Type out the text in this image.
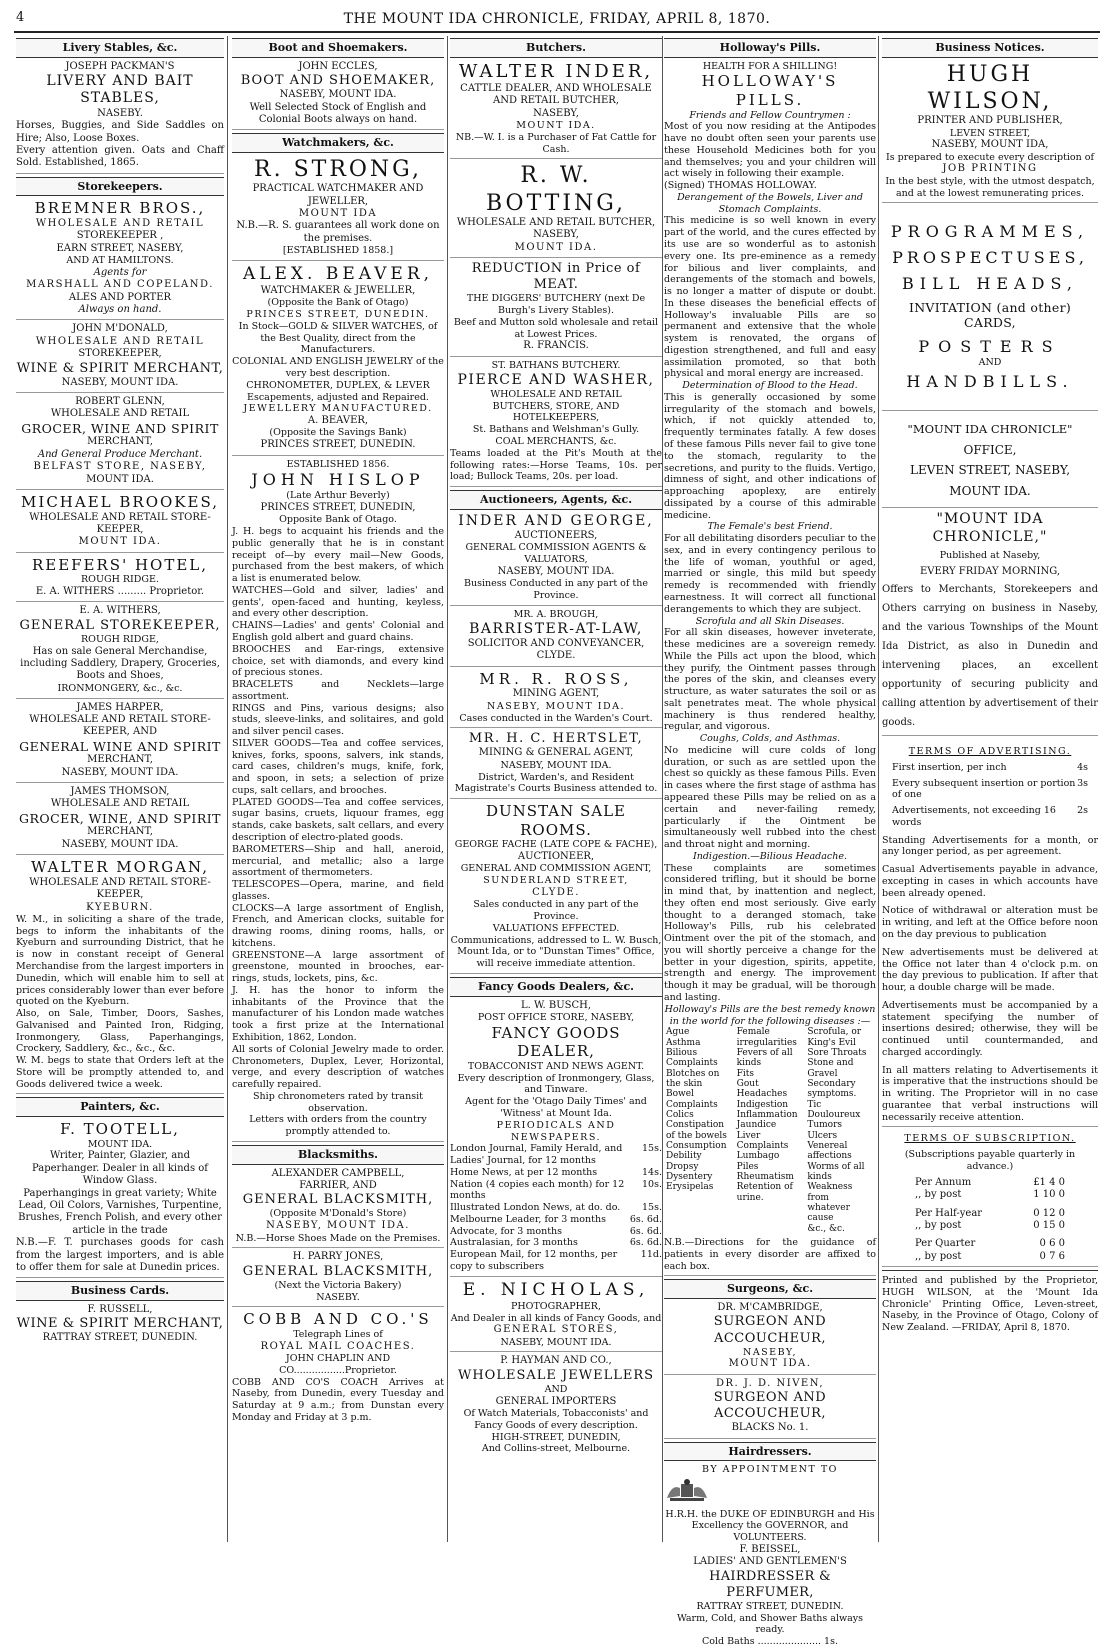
4	THE MOUNT IDA CHRONICLE, FRIDAY, APRIL 8, 1870.
Livery Stables, &c.

JOSEPH PACKMAN'S

LIVERY AND BAIT STABLES,

NASEBY.

Horses, Buggies, and Side Saddles on Hire; Also, Loose Boxes.

Every attention given. Oats and Chaff Sold. Established, 1865.

Storekeepers.

BREMNER BROS.,

WHOLESALE AND RETAIL

STOREKEEPER ,

EARN STREET, NASEBY,

AND AT HAMILTONS.

Agents for

MARSHALL AND COPELAND.

ALES AND PORTER

Always on hand.

JOHN M'DONALD,

WHOLESALE AND RETAIL

STOREKEEPER,

WINE & SPIRIT MERCHANT,

NASEBY, MOUNT IDA.

ROBERT GLENN,

WHOLESALE AND RETAIL

GROCER, WINE AND SPIRIT

MERCHANT,

And General Produce Merchant.

BELFAST STORE, NASEBY,

MOUNT IDA.

MICHAEL BROOKES,

WHOLESALE AND RETAIL STORE-

KEEPER,

MOUNT IDA.

REEFERS' HOTEL,

ROUGH RIDGE.

E. A. WITHERS ......... Proprietor.

E. A. WITHERS,

GENERAL STOREKEEPER,

ROUGH RIDGE,

Has on sale General Merchandise, including Saddlery, Drapery, Groceries, Boots and Shoes,

IRONMONGERY, &c., &c.

JAMES HARPER,

WHOLESALE AND RETAIL STORE-

KEEPER, AND

GENERAL WINE AND SPIRIT

MERCHANT,

NASEBY, MOUNT IDA.

JAMES THOMSON,

WHOLESALE AND RETAIL

GROCER, WINE, AND SPIRIT

MERCHANT,

NASEBY, MOUNT IDA.

WALTER MORGAN,

WHOLESALE AND RETAIL STORE-

KEEPER,

KYEBURN.

W. M., in soliciting a share of the trade, begs to inform the inhabitants of the Kyeburn and surrounding District, that he is now in constant receipt of General Merchandise from the largest importers in Dunedin, which will enable him to sell at prices considerably lower than ever before quoted on the Kyeburn.

Also, on Sale, Timber, Doors, Sashes, Galvanised and Painted Iron, Ridging, Ironmongery, Glass, Paperhangings, Crockery, Saddlery, &c., &c., &c.

W. M. begs to state that Orders left at the Store will be promptly attended to, and Goods delivered twice a week.

Painters, &c.

F. TOOTELL,

MOUNT IDA.

Writer, Painter, Glazier, and Paperhanger. Dealer in all kinds of Window Glass.

Paperhangings in great variety; White Lead, Oil Colors, Varnishes, Turpentine,

Brushes, French Polish, and every other article in the trade

N.B.—F. T. purchases goods for cash from the largest importers, and is able to offer them for sale at Dunedin prices.

Business Cards.

F. RUSSELL,

WINE & SPIRIT MERCHANT,

RATTRAY STREET, DUNEDIN.

Boot and Shoemakers.

JOHN ECCLES,

BOOT AND SHOEMAKER,

NASEBY, MOUNT IDA.

Well Selected Stock of English and Colonial Boots always on hand.

Watchmakers, &c.

R. STRONG,

PRACTICAL WATCHMAKER AND JEWELLER,

MOUNT IDA

N.B.—R. S. guarantees all work done on the premises.

[ESTABLISHED 1858.]

ALEX. BEAVER,

WATCHMAKER & JEWELLER,

(Opposite the Bank of Otago)

PRINCES STREET, DUNEDIN.

In Stock—GOLD & SILVER WATCHES, of the Best Quality, direct from the Manufacturers.

COLONIAL AND ENGLISH JEWELRY of the very best description.

CHRONOMETER, DUPLEX, & LEVER Escapements, adjusted and Repaired.

JEWELLERY MANUFACTURED.

A. BEAVER,

(Opposite the Savings Bank)

PRINCES STREET, DUNEDIN.

ESTABLISHED 1856.

JOHN HISLOP

(Late Arthur Beverly)

PRINCES STREET, DUNEDIN,

Opposite Bank of Otago.

J. H. begs to acquaint his friends and the public generally that he is in constant receipt of—by every mail—New Goods, purchased from the best makers, of which a list is enumerated below.

WATCHES—Gold and silver, ladies' and gents', open-faced and hunting, keyless, and every other description.

CHAINS—Ladies' and gents' Colonial and English gold albert and guard chains.

BROOCHES and Ear-rings, extensive choice, set with diamonds, and every kind of precious stones.

BRACELETS and Necklets—large assortment.

RINGS and Pins, various designs; also studs, sleeve-links, and solitaires, and gold and silver pencil cases.

SILVER GOODS—Tea and coffee services, knives, forks, spoons, salvers, ink stands, card cases, children's mugs, knife, fork, and spoon, in sets; a selection of prize cups, salt cellars, and brooches.

PLATED GOODS—Tea and coffee services, sugar basins, cruets, liquour frames, egg stands, cake baskets, salt cellars, and every description of electro-plated goods.

BAROMETERS—Ship and hall, aneroid, mercurial, and metallic; also a large assortment of thermometers.

TELESCOPES—Opera, marine, and field glasses.

CLOCKS—A large assortment of English, French, and American clocks, suitable for drawing rooms, dining rooms, halls, or kitchens.

GREENSTONE—A large assortment of greenstone, mounted in brooches, ear-rings, studs, lockets, pins, &c.

J. H. has the honor to inform the inhabitants of the Province that the manufacturer of his London made watches took a first prize at the International Exhibition, 1862, London.

All sorts of Colonial Jewelry made to order. Chronometers, Duplex, Lever, Horizontal, verge, and every description of watches carefully repaired.

Ship chronometers rated by transit observation.

Letters with orders from the country promptly attended to.

Blacksmiths.

ALEXANDER CAMPBELL,

FARRIER, AND

GENERAL BLACKSMITH,

(Opposite M'Donald's Store)

NASEBY, MOUNT IDA.

N.B.—Horse Shoes Made on the Premises.

H. PARRY JONES,

GENERAL BLACKSMITH,

(Next the Victoria Bakery)

NASEBY.

COBB AND CO.'S

Telegraph Lines of

ROYAL MAIL COACHES.

JOHN CHAPLIN AND CO.................Proprietor.

COBB AND CO'S COACH Arrives at Naseby, from Dunedin, every Tuesday and Saturday at 9 a.m.; from Dunstan every Monday and Friday at 3 p.m.

Butchers.

WALTER INDER,

CATTLE DEALER, AND WHOLESALE AND RETAIL BUTCHER,

NASEBY,

MOUNT IDA.

NB.—W. I. is a Purchaser of Fat Cattle for Cash.

R. W. BOTTING,

WHOLESALE AND RETAIL BUTCHER,

NASEBY,

MOUNT IDA.

REDUCTION in Price of MEAT.

THE DIGGERS' BUTCHERY (next De Burgh's Livery Stables).

Beef and Mutton sold wholesale and retail at Lowest Prices.

R. FRANCIS.

ST. BATHANS BUTCHERY.

PIERCE AND WASHER,

WHOLESALE AND RETAIL

BUTCHERS, STORE, AND HOTELKEEPERS,

St. Bathans and Welshman's Gully.

COAL MERCHANTS, &c.

Teams loaded at the Pit's Mouth at the following rates:—Horse Teams, 10s. per load; Bullock Teams, 20s. per load.

Auctioneers, Agents, &c.

INDER AND GEORGE,

AUCTIONEERS,

GENERAL COMMISSION AGENTS & VALUATORS,

NASEBY, MOUNT IDA.

Business Conducted in any part of the Province.

MR. A. BROUGH,

BARRISTER-AT-LAW,

SOLICITOR AND CONVEYANCER,

CLYDE.

MR. R. ROSS,

MINING AGENT,

NASEBY, MOUNT IDA.

Cases conducted in the Warden's Court.

MR. H. C. HERTSLET,

MINING & GENERAL AGENT,

NASEBY, MOUNT IDA.

District, Warden's, and Resident Magistrate's Courts Business attended to.

DUNSTAN SALE ROOMS.

GEORGE FACHE (LATE COPE & FACHE),

AUCTIONEER,

GENERAL AND COMMISSION AGENT,

SUNDERLAND STREET,

CLYDE.

Sales conducted in any part of the Province.

VALUATIONS EFFECTED.

Communications, addressed to L. W. Busch, Mount Ida, or to "Dunstan Times" Office, will receive immediate attention.

Fancy Goods Dealers, &c.

L. W. BUSCH,

POST OFFICE STORE, NASEBY,

FANCY GOODS DEALER,

TOBACCONIST AND NEWS AGENT.

Every description of Ironmongery, Glass, and Tinware.

Agent for the 'Otago Daily Times' and 'Witness' at Mount Ida.

PERIODICALS AND NEWSPAPERS.

London Journal, Family Herald, and Ladies' Journal, for 12 months
15s.
Home News, at per 12 months	14s.
Nation (4 copies each month) for 12 months
10s.
Illustrated London News, at do. do. 15s.
Melbourne Leader, for 3 months	6s. 6d.
Advocate, for 3 months	6s. 6d.
Australasian, for 3 months	6s. 6d.
European Mail, for 12 months, per copy to subscribers
11d.

E. NICHOLAS,

PHOTOGRAPHER,

And Dealer in all kinds of Fancy Goods, and

GENERAL STORES,

NASEBY, MOUNT IDA.

P. HAYMAN AND CO.,

WHOLESALE JEWELLERS

AND

GENERAL IMPORTERS

Of Watch Materials, Tobacconists' and Fancy Goods of every description.

HIGH-STREET, DUNEDIN,

And Collins-street, Melbourne.

Holloway's Pills.

HEALTH FOR A SHILLING!

HOLLOWAY'S PILLS.

Friends and Fellow Countrymen :

Most of you now residing at the Antipodes have no doubt often seen your parents use these Household Medicines both for you and themselves; you and your children will act wisely in following their example.

(Signed) THOMAS HOLLOWAY.

Derangement of the Bowels, Liver and Stomach Complaints.

This medicine is so well known in every part of the world, and the cures effected by its use are so wonderful as to astonish every one. Its pre-eminence as a remedy for bilious and liver complaints, and derangements of the stomach and bowels, is no longer a matter of dispute or doubt. In these diseases the beneficial effects of Holloway's invaluable Pills are so permanent and extensive that the whole system is renovated, the organs of digestion strengthened, and full and easy assimilation promoted, so that both physical and moral energy are increased.

Determination of Blood to the Head.

This is generally occasioned by some irregularity of the stomach and bowels, which, if not quickly attended to, frequently terminates fatally. A few doses of these famous Pills never fail to give tone to the stomach, regularity to the secretions, and purity to the fluids. Vertigo, dimness of sight, and other indications of approaching apoplexy, are entirely dissipated by a course of this admirable medicine.

The Female's best Friend.

For all debilitating disorders peculiar to the sex, and in every contingency perilous to the life of woman, youthful or aged, married or single, this mild but speedy remedy is recommended with friendly earnestness. It will correct all functional derangements to which they are subject.

Scrofula and all Skin Diseases.

For all skin diseases, however inveterate, these medicines are a sovereign remedy. While the Pills act upon the blood, which they purify, the Ointment passes through the pores of the skin, and cleanses every structure, as water saturates the soil or as salt penetrates meat. The whole physical machinery is thus rendered healthy, regular, and vigorous.

Coughs, Colds, and Asthmas.

No medicine will cure colds of long duration, or such as are settled upon the chest so quickly as these famous Pills. Even in cases where the first stage of asthma has appeared these Pills may be relied on as a certain and never-failing remedy, particularly if the Ointment be simultaneously well rubbed into the chest and throat night and morning.

Indigestion.—Bilious Headache.

These complaints are sometimes considered trifling, but it should be borne in mind that, by inattention and neglect, they often end most seriously. Give early thought to a deranged stomach, take Holloway's Pills, rub his celebrated Ointment over the pit of the stomach, and you will shortly perceive a change for the better in your digestion, spirits, appetite, strength and energy. The improvement though it may be gradual, will be thorough and lasting.

Holloway's Pills are the best remedy known in the world for the following diseases :—

Ague
Asthma
Bilious Complaints
Blotches on the skin
Bowel Complaints
Colics
Constipation of the bowels
Consumption
Debility
Dropsy
Dysentery
Erysipelas
Female irregularities
Fevers of all kinds
Fits
Gout
Headaches
Indigestion
Inflammation
Jaundice
Liver Complaints
Lumbago
Piles
Rheumatism
Retention of urine.
Scrofula, or King's Evil
Sore Throats
Stone and Gravel
Secondary symptoms.
Tic Douloureux
Tumors
Ulcers
Venereal affections
Worms of all kinds
Weakness from whatever cause
&c., &c.

N.B.—Directions for the guidance of patients in every disorder are affixed to each box.

Surgeons, &c.

DR. M'CAMBRIDGE,

SURGEON AND ACCOUCHEUR,

NASEBY,

MOUNT IDA.

DR. J. D. NIVEN,

SURGEON AND ACCOUCHEUR,

BLACKS No. 1.

Hairdressers.

BY APPOINTMENT TO

H.R.H. the DUKE OF EDINBURGH and His Excellency the GOVERNOR, and VOLUNTEERS.

F. BEISSEL,

LADIES' AND GENTLEMEN'S

HAIRDRESSER & PERFUMER,

RATTRAY STREET, DUNEDIN.

Warm, Cold, and Shower Baths always ready.

Cold Baths ..................... 1s.

Business Notices.

HUGH WILSON,

PRINTER AND PUBLISHER,

LEVEN STREET,

NASEBY, MOUNT IDA,

Is prepared to execute every description of

JOB PRINTING

In the best style, with the utmost despatch, and at the lowest remunerating prices.

PROGRAMMES,

PROSPECTUSES,

BILL HEADS,

INVITATION (and other) CARDS,

POSTERS

AND

HANDBILLS.

"MOUNT IDA CHRONICLE"

OFFICE,

LEVEN STREET, NASEBY,

MOUNT IDA.

"MOUNT IDA CHRONICLE,"

Published at Naseby,

EVERY FRIDAY MORNING,

Offers to Merchants, Storekeepers and Others carrying on business in Naseby, and the various Townships of the Mount Ida District, as also in Dunedin and intervening places, an excellent opportunity of securing publicity and calling attention by advertisement of their goods.

TERMS OF ADVERTISING.

First insertion, per inch	4s
Every subsequent insertion or portion of one
3s
Advertisements, not exceeding 16 words
2s

Standing Advertisements for a month, or any longer period, as per agreement.

Casual Advertisements payable in advance, excepting in cases in which accounts have been already opened.

Notice of withdrawal or alteration must be in writing, and left at the Office before noon on the day previous to publication

New advertisements must be delivered at the Office not later than 4 o'clock p.m. on the day previous to publication. If after that hour, a double charge will be made.

Advertisements must be accompanied by a statement specifying the number of insertions desired; otherwise, they will be continued until countermanded, and charged accordingly.

In all matters relating to Advertisements it is imperative that the instructions should be in writing. The Proprietor will in no case guarantee that verbal instructions will necessarily receive attention.

TERMS OF SUBSCRIPTION.

(Subscriptions payable quarterly in advance.)

Per Annum	£1 4 0
,, by post	1 10 0
Per Half-year	0 12 0
,, by post	0 15 0
Per Quarter	0 6 0
,, by post	0 7 6

Printed and published by the Proprietor, HUGH WILSON, at the 'Mount Ida Chronicle' Printing Office, Leven-street, Naseby, in the Province of Otago, Colony of New Zealand. —FRIDAY, April 8, 1870.
